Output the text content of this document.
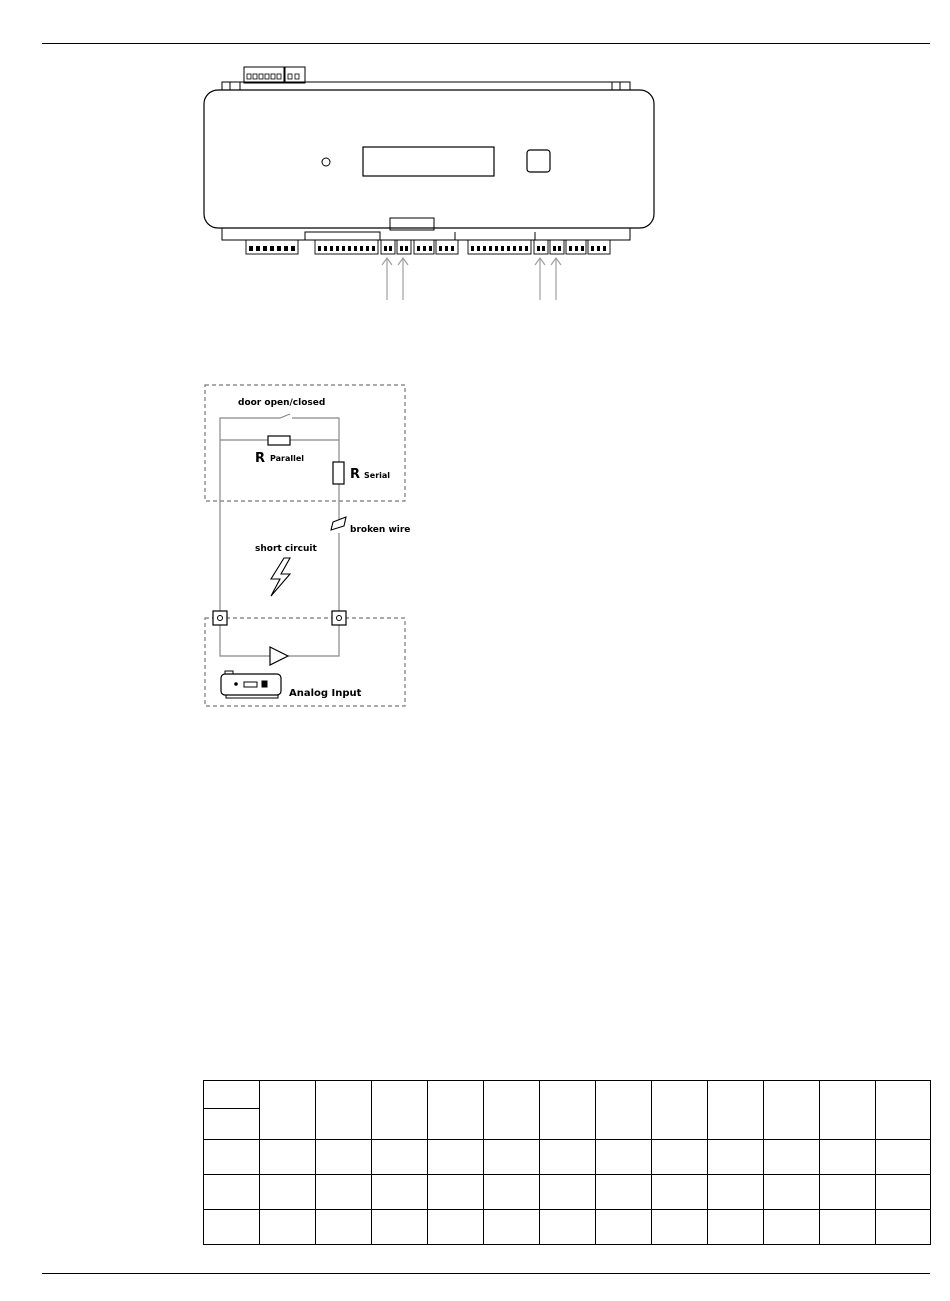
door open/closed
R Parallel
R Serial
broken wire
short circuit
Analog Input
